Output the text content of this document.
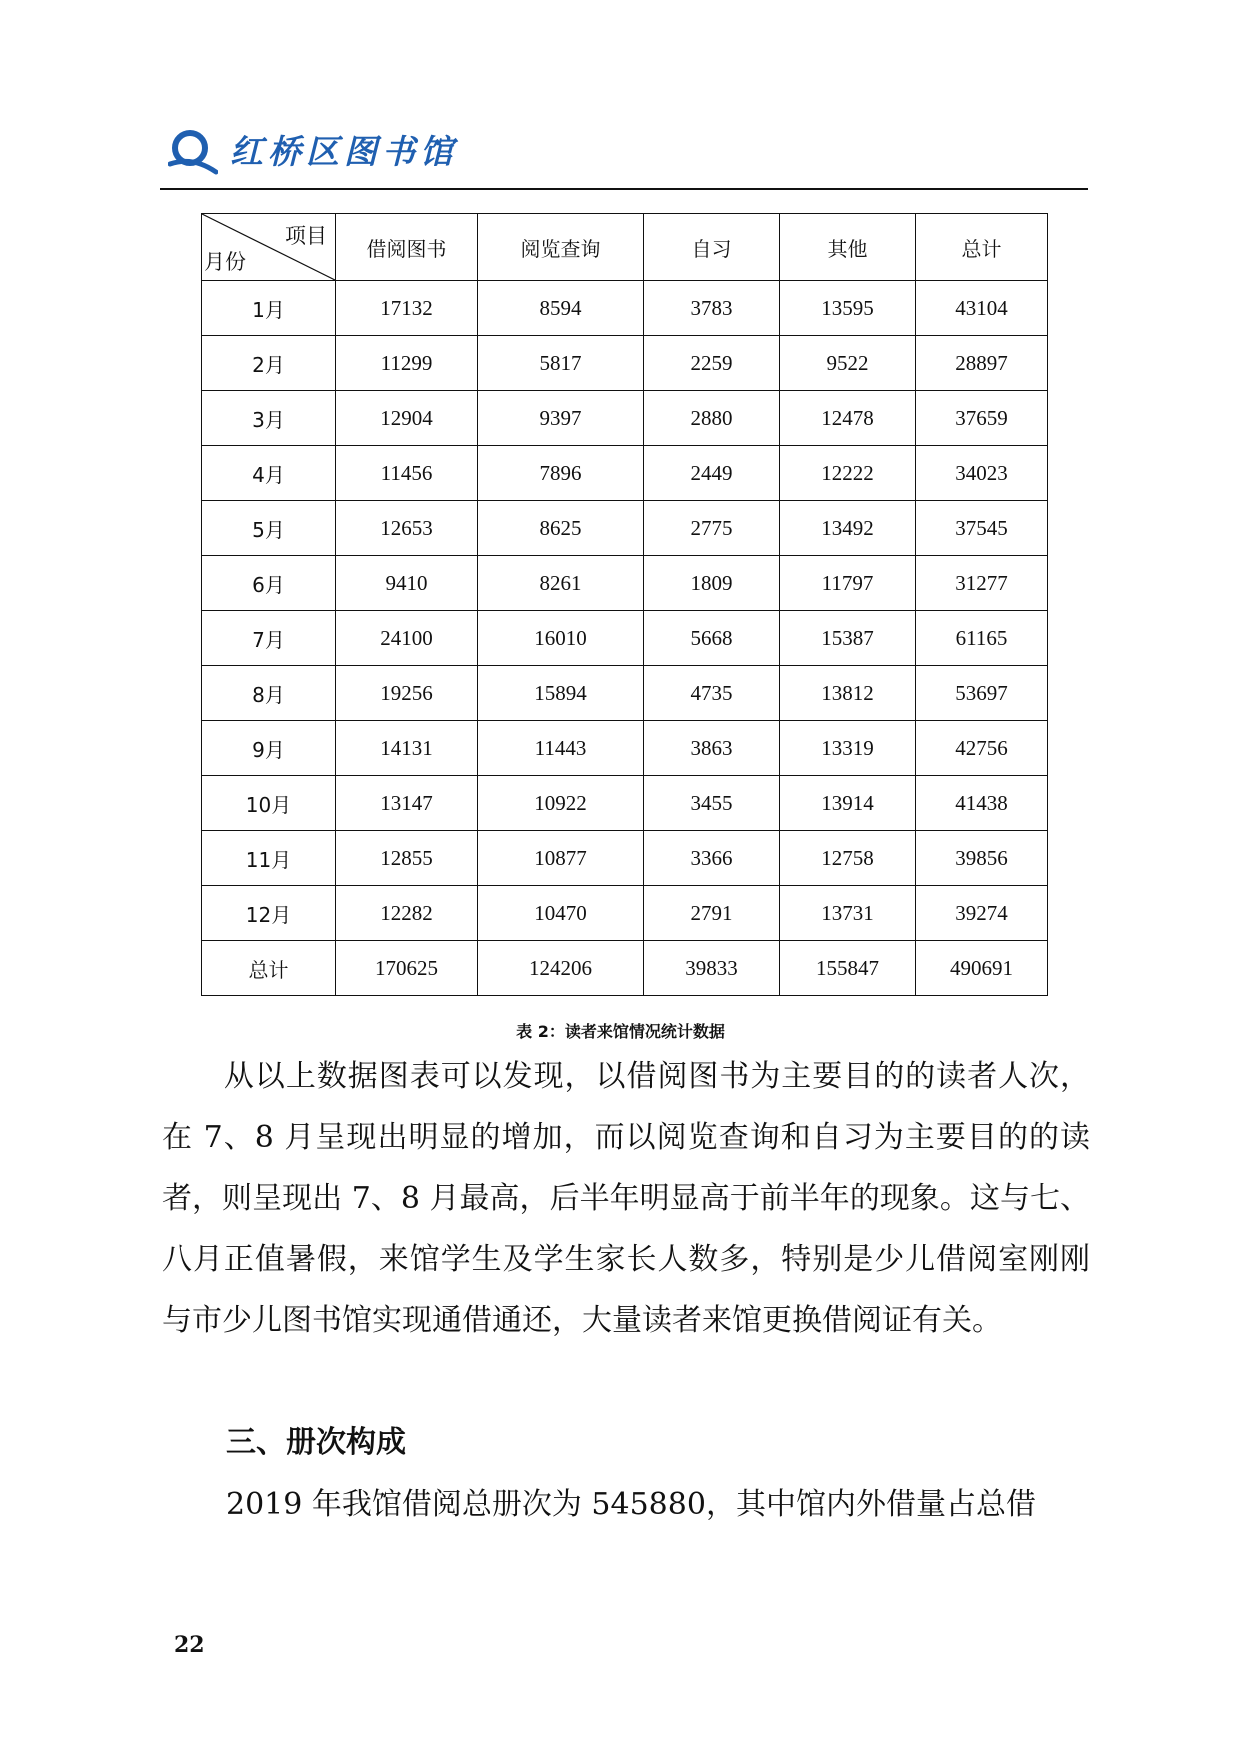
红桥区图书馆
项目
月份	借阅图书	阅览查询	自习	其他	总计
1月	17132	8594	3783	13595	43104
2月	11299	5817	2259	9522	28897
3月	12904	9397	2880	12478	37659
4月	11456	7896	2449	12222	34023
5月	12653	8625	2775	13492	37545
6月	9410	8261	1809	11797	31277
7月	24100	16010	5668	15387	61165
8月	19256	15894	4735	13812	53697
9月	14131	11443	3863	13319	42756
10月	13147	10922	3455	13914	41438
11月	12855	10877	3366	12758	39856
12月	12282	10470	2791	13731	39274
总计	170625	124206	39833	155847	490691
表 2：读者来馆情况统计数据

　　从以上数据图表可以发现，以借阅图书为主要目的的读者人次，在 7、8 月呈现出明显的增加，而以阅览查询和自习为主要目的的读者，则呈现出 7、8 月最高，后半年明显高于前半年的现象。这与七、八月正值暑假，来馆学生及学生家长人数多，特别是少儿借阅室刚刚与市少儿图书馆实现通借通还，大量读者来馆更换借阅证有关。

三、册次构成

2019 年我馆借阅总册次为 545880，其中馆内外借量占总借

22
